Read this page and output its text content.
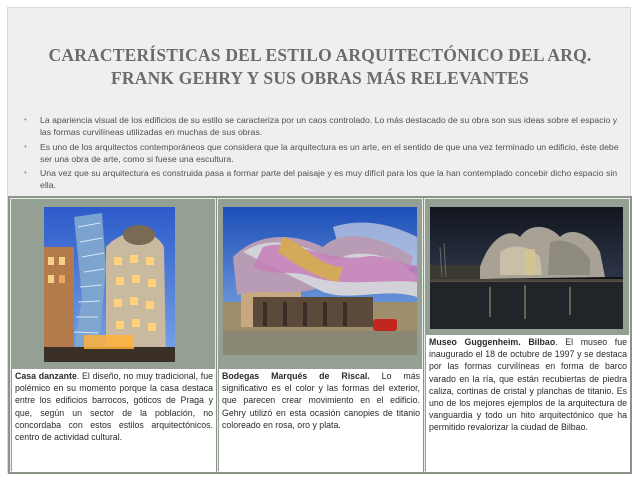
CARACTERÍSTICAS DEL ESTILO ARQUITECTÓNICO DEL ARQ.
FRANK GEHRY Y SUS OBRAS MÁS RELEVANTES
• La apariencia visual de los edificios de su estilo se caracteriza por un caos controlado. Lo más destacado de su obra son sus ideas sobre el espacio y las formas curvilíneas utilizadas en muchas de sus obras.
• Es uno de los arquitectos contemporáneos que considera que la arquitectura es un arte, en el sentido de que una vez terminado un edificio, éste debe ser una obra de arte, como si fuese una escultura.
• Una vez que su arquitectura es construida pasa a formar parte del paisaje y es muy difícil para los que la han contemplado concebir dicho espacio sin ella.
Casa danzante. El diseño, no muy tradicional, fue polémico en su momento porque la casa destaca entre los edificios barrocos, góticos de Praga y que, según un sector de la población, no concordaba con estos estilos arquitectónicos. centro de actividad cultural.
Bodegas Marqués de Riscal. Lo más significativo es el color y las formas del exterior, que parecen crear movimiento en el edificio. Gehry utilizó en esta ocasión canopies de titanio coloreado en rosa, oro y plata.
Museo Guggenheim. Bilbao. El museo fue inaugurado el 18 de octubre de 1997 y se destaca por las formas curvilíneas en forma de barco varado en la ría, que están recubiertas de piedra caliza, cortinas de cristal y planchas de titanio. Es uno de los mejores ejemplos de la arquitectura de vanguardia y todo un hito arquitectónico que ha permitido revalorizar la ciudad de Bilbao.
